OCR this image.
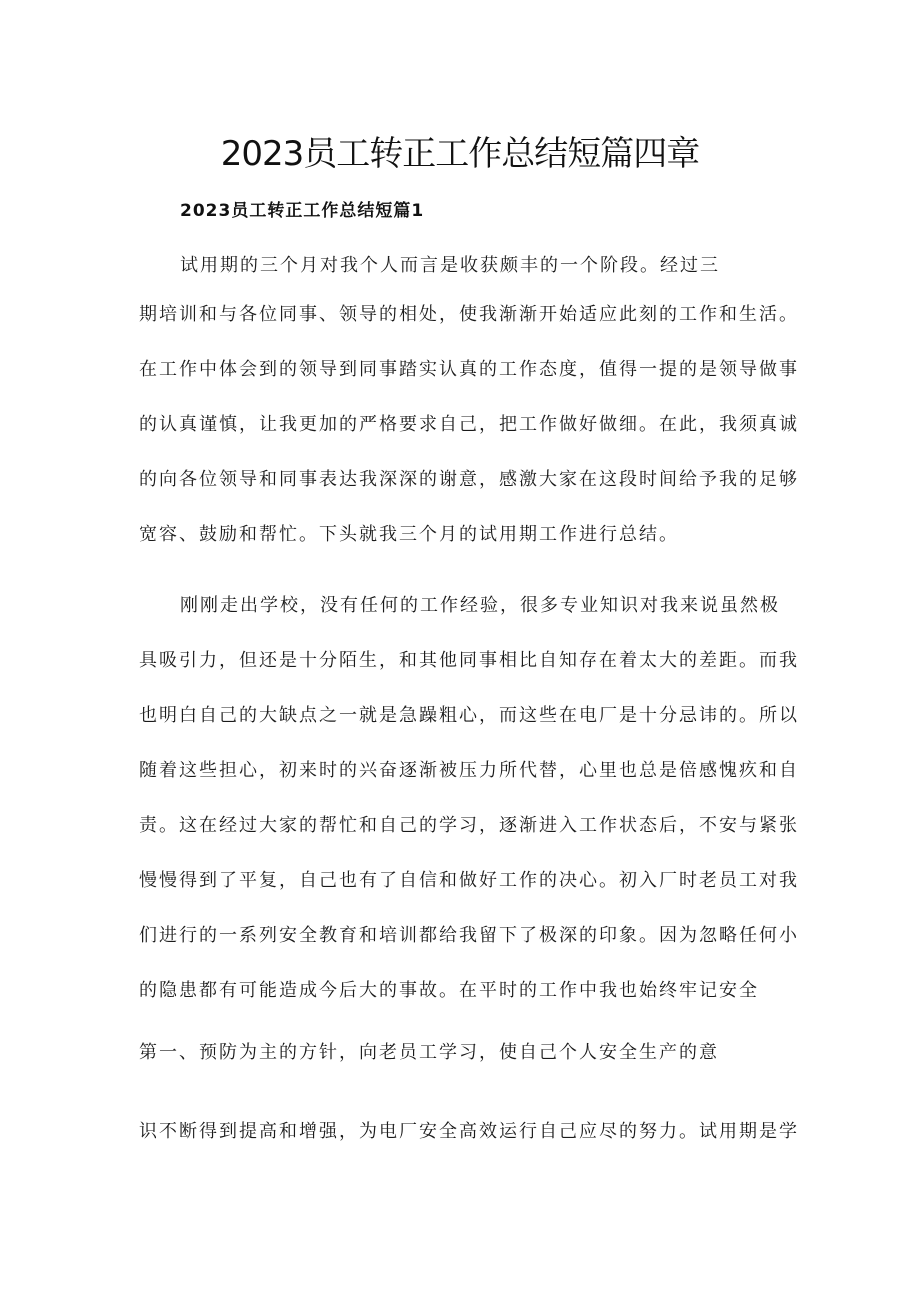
2023员工转正工作总结短篇四章
2023员工转正工作总结短篇1

试用期的三个月对我个人而言是收获颇丰的一个阶段。经过三

期培训和与各位同事、领导的相处，使我渐渐开始适应此刻的工作和生活。

在工作中体会到的领导到同事踏实认真的工作态度，值得一提的是领导做事

的认真谨慎，让我更加的严格要求自己，把工作做好做细。在此，我须真诚

的向各位领导和同事表达我深深的谢意，感激大家在这段时间给予我的足够

宽容、鼓励和帮忙。下头就我三个月的试用期工作进行总结。

刚刚走出学校，没有任何的工作经验，很多专业知识对我来说虽然极

具吸引力，但还是十分陌生，和其他同事相比自知存在着太大的差距。而我

也明白自己的大缺点之一就是急躁粗心，而这些在电厂是十分忌讳的。所以

随着这些担心，初来时的兴奋逐渐被压力所代替，心里也总是倍感愧疚和自

责。这在经过大家的帮忙和自己的学习，逐渐进入工作状态后，不安与紧张

慢慢得到了平复，自己也有了自信和做好工作的决心。初入厂时老员工对我

们进行的一系列安全教育和培训都给我留下了极深的印象。因为忽略任何小

的隐患都有可能造成今后大的事故。在平时的工作中我也始终牢记安全

第一、预防为主的方针，向老员工学习，使自己个人安全生产的意

识不断得到提高和增强，为电厂安全高效运行自己应尽的努力。试用期是学
